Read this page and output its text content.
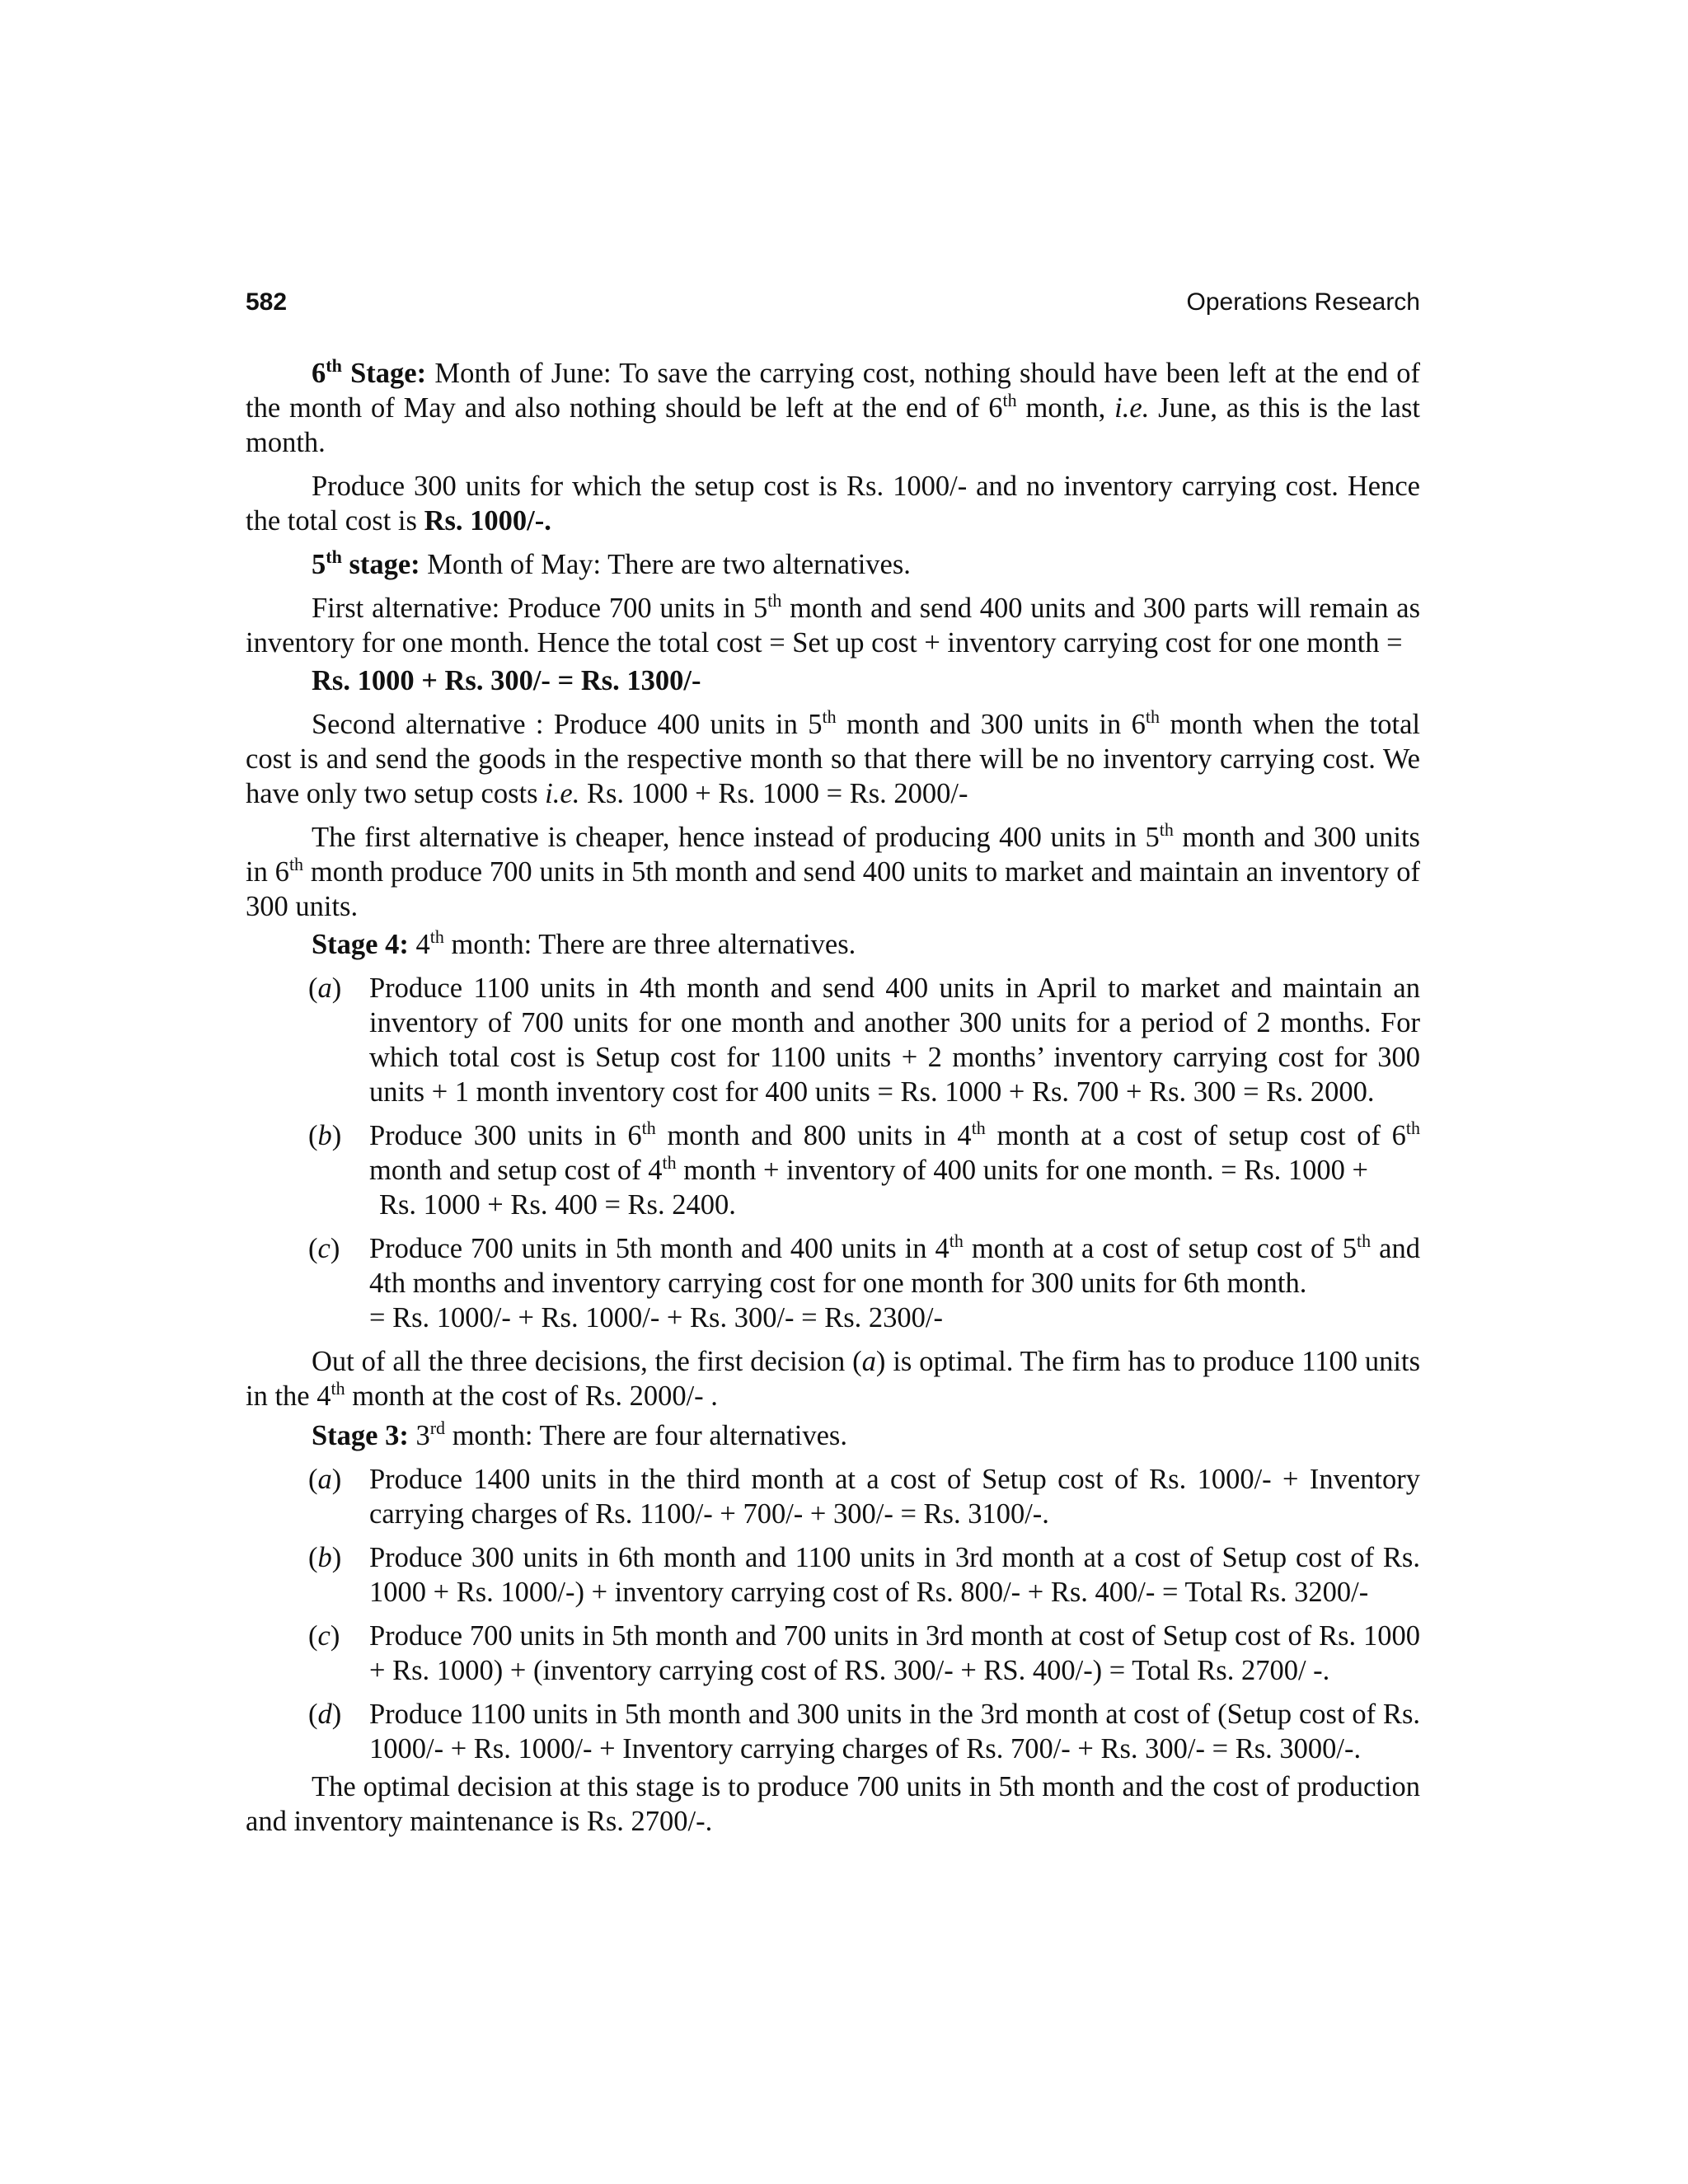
582	Operations Research

6th Stage: Month of June: To save the carrying cost, nothing should have been left at the end of the month of May and also nothing should be left at the end of 6th month, i.e. June, as this is the last month.

Produce 300 units for which the setup cost is Rs. 1000/- and no inventory carrying cost. Hence the total cost is Rs. 1000/-.

5th stage: Month of May: There are two alternatives.

First alternative: Produce 700 units in 5th month and send 400 units and 300 parts will remain as inventory for one month. Hence the total cost = Set up cost + inventory carrying cost for one month =

Rs. 1000 + Rs. 300/- = Rs. 1300/-

Second alternative : Produce 400 units in 5th month and 300 units in 6th month when the total cost is and send the goods in the respective month so that there will be no inventory carrying cost. We have only two setup costs i.e. Rs. 1000 + Rs. 1000 = Rs. 2000/-

The first alternative is cheaper, hence instead of producing 400 units in 5th month and 300 units in 6th month produce 700 units in 5th month and send 400 units to market and maintain an inventory of 300 units.

Stage 4: 4th month: There are three alternatives.

(a) Produce 1100 units in 4th month and send 400 units in April to market and maintain an inventory of 700 units for one month and another 300 units for a period of 2 months. For which total cost is Setup cost for 1100 units + 2 months’ inventory carrying cost for 300 units + 1 month inventory cost for 400 units = Rs. 1000 + Rs. 700 + Rs. 300 = Rs. 2000.
(b) Produce 300 units in 6th month and 800 units in 4th month at a cost of setup cost of 6th month and setup cost of 4th month + inventory of 400 units for one month. = Rs. 1000 +
Rs. 1000 + Rs. 400 = Rs. 2400.
(c) Produce 700 units in 5th month and 400 units in 4th month at a cost of setup cost of 5th and 4th months and inventory carrying cost for one month for 300 units for 6th month.
= Rs. 1000/- + Rs. 1000/- + Rs. 300/- = Rs. 2300/-

Out of all the three decisions, the first decision (a) is optimal. The firm has to produce 1100 units in the 4th month at the cost of Rs. 2000/- .

Stage 3: 3rd month: There are four alternatives.

(a) Produce 1400 units in the third month at a cost of Setup cost of Rs. 1000/- + Inventory carrying charges of Rs. 1100/- + 700/- + 300/- = Rs. 3100/-.
(b) Produce 300 units in 6th month and 1100 units in 3rd month at a cost of Setup cost of Rs. 1000 + Rs. 1000/-) + inventory carrying cost of Rs. 800/- + Rs. 400/- = Total Rs. 3200/-
(c) Produce 700 units in 5th month and 700 units in 3rd month at cost of Setup cost of Rs. 1000 + Rs. 1000) + (inventory carrying cost of RS. 300/- + RS. 400/-) = Total Rs. 2700/ -.
(d) Produce 1100 units in 5th month and 300 units in the 3rd month at cost of (Setup cost of Rs. 1000/- + Rs. 1000/- + Inventory carrying charges of Rs. 700/- + Rs. 300/- = Rs. 3000/-.

The optimal decision at this stage is to produce 700 units in 5th month and the cost of production and inventory maintenance is Rs. 2700/-.
